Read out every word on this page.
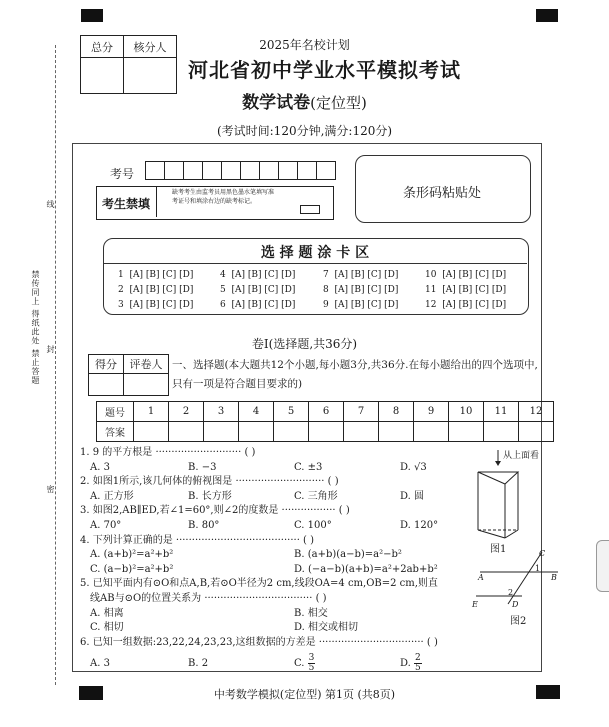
线
封
密
禁传同上 得纸此处 禁止答题
总分	核分人
		2025年名校计划
河北省初中学业水平模拟考试
数学试卷(定位型)
(考试时间:120分钟,满分:120分)
考号
考生禁填
缺考考生由监考员用黑色墨水笔填写准考证号和填涂右边的缺考标记。
条形码粘贴处
选 择 题 涂 卡 区
1 [A] [B] [C] [D]
2 [A] [B] [C] [D]
3 [A] [B] [C] [D]
4 [A] [B] [C] [D]
5 [A] [B] [C] [D]
6 [A] [B] [C] [D]
7 [A] [B] [C] [D]
8 [A] [B] [C] [D]
9 [A] [B] [C] [D]
10 [A] [B] [C] [D]
11 [A] [B] [C] [D]
12 [A] [B] [C] [D]
卷Ⅰ(选择题,共36分)
得分	评卷人
	一、选择题(本大题共12个小题,每小题3分,共36分.在每小题给出的四个选项中,只有一项是符合题目要求的)
题号	1	2	3	4	5	6	7	8	9	10	11	12
答案												
1. 9 的平方根是 ··························· ( )
A. 3	B. −3	C. ±3	D. √3
2. 如图1所示,该几何体的俯视图是 ···························· ( )
A. 正方形	B. 长方形	C. 三角形	D. 圆
3. 如图2,AB∥ED,若∠1=60°,则∠2的度数是 ················· ( )
A. 70°	B. 80°	C. 100°	D. 120°
4. 下列计算正确的是 ······································· ( )
A. (a+b)²=a²+b²	B. (a+b)(a−b)=a²−b²
C. (a−b)²=a²+b²	D. (−a−b)(a+b)=a²+2ab+b²
5. 已知平面内有⊙O和点A,B,若⊙O半径为2 cm,线段OA=4 cm,OB=2 cm,则直
线AB与⊙O的位置关系为 ·································· ( )
A. 相离	B. 相交
C. 相切	D. 相交或相切
6. 已知一组数据:23,22,24,23,23,这组数据的方差是 ································· ( )
A. 3	B. 2	C. $\frac{3}{5}$	D. $\frac{2}{5}$
从上面看
图1	C
1
A	B
2
E	D
图2
中考数学模拟(定位型) 第1页 (共8页)
